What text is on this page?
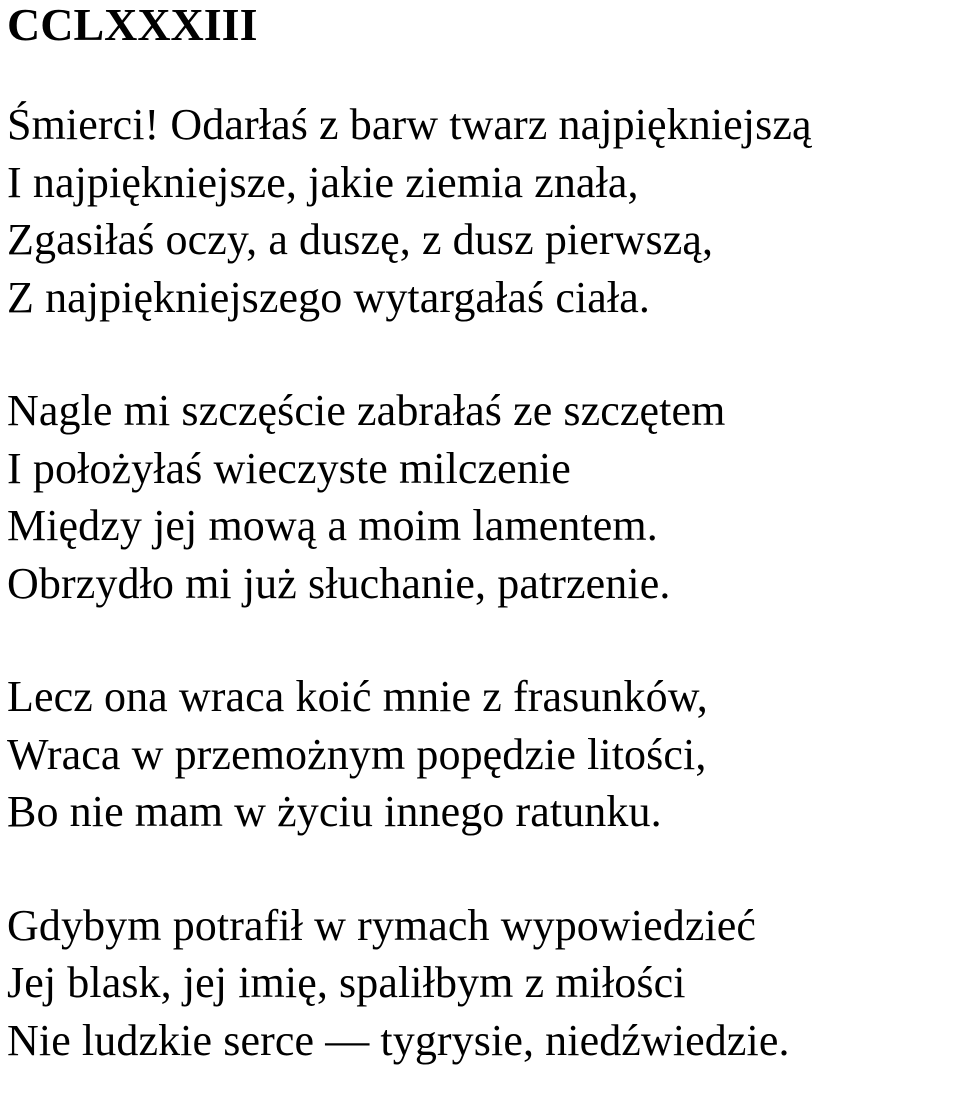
CCLXXXIII

Śmierci! Odarłaś z barw twarz najpiękniejszą
I najpiękniejsze, jakie ziemia znała,
Zgasiłaś oczy, a duszę, z dusz pierwszą,
Z najpiękniejszego wytargałaś ciała.

Nagle mi szczęście zabrałaś ze szczętem
I położyłaś wieczyste milczenie
Między jej mową a moim lamentem.
Obrzydło mi już słuchanie, patrzenie.

Lecz ona wraca koić mnie z frasunków,
Wraca w przemożnym popędzie litości,
Bo nie mam w życiu innego ratunku.

Gdybym potrafił w rymach wypowiedzieć
Jej blask, jej imię, spaliłbym z miłości
Nie ludzkie serce — tygrysie, niedźwiedzie.
